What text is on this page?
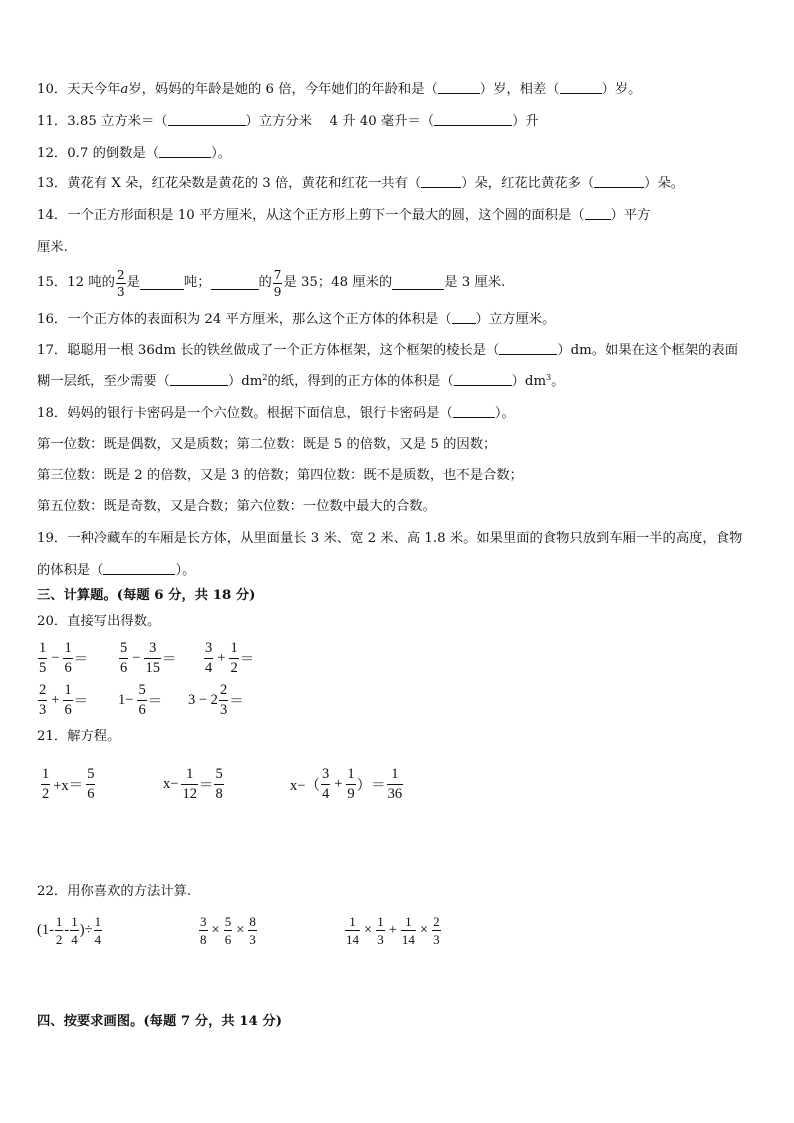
10．天天今年a岁，妈妈的年龄是她的 6 倍，今年她们的年龄和是（	）岁，相差（	）岁。
11．3.85 立方米＝（	）立方分米　 4 升 40 毫升＝（	）升
12．0.7 的倒数是（	）。
13．黄花有 X 朵，红花朵数是黄花的 3 倍，黄花和红花一共有（	）朵，红花比黄花多（	）朵。
14．一个正方形面积是 10 平方厘米，从这个正方形上剪下一个最大的圆，这个圆的面积是（ ）平方
厘米.
15．12 吨的 $\frac{2}{3}$ 是	吨；	的 $\frac{7}{9}$ 是 35；48 厘米的	是 3 厘米.
16．一个正方体的表面积为 24 平方厘米，那么这个正方体的体积是（ ）立方厘米。
17．聪聪用一根 36dm 长的铁丝做成了一个正方体框架，这个框架的棱长是（	）dm。如果在这个框架的表面
糊一层纸，至少需要（	）$dm^2$的纸，得到的正方体的体积是（	）$dm^3$。
18．妈妈的银行卡密码是一个六位数。根据下面信息，银行卡密码是（	）。
第一位数：既是偶数，又是质数；第二位数：既是 5 的倍数，又是 5 的因数；
第三位数：既是 2 的倍数，又是 3 的倍数；第四位数：既不是质数，也不是合数；
第五位数：既是奇数，又是合数；第六位数：一位数中最大的合数。
19．一种冷藏车的车厢是长方体，从里面量长 3 米、宽 2 米、高 1.8 米。如果里面的食物只放到车厢一半的高度，食物
的体积是（	）。
三、计算题。(每题 6 分，共 18 分)
20．直接写出得数。
$\frac{1}{5} - \frac{1}{6} = \frac{5}{6} - \frac{3}{15} = \frac{3}{4} + \frac{1}{2}$ ＝
$\frac{2}{3} + \frac{1}{6} = 1- \frac{5}{6} = 3 - 2 \frac{2}{3}$ ＝
21．解方程。
$\frac{1}{2} +x= \frac{5}{6}$	$x- \frac{1}{12} = \frac{5}{8}$	$x-( \frac{3}{4} + \frac{1}{9}$ ）＝ $\frac{1}{36}$
22．用你喜欢的方法计算.
($1- \frac{1}{2} - \frac{1}{4}$ )÷ $\frac{1}{4}$	$\frac{3}{8} \times \frac{5}{6} \times \frac{8}{3}$	$\frac{1}{14} \times \frac{1}{3} + \frac{1}{14} \times \frac{2}{3}$
四、按要求画图。(每题 7 分，共 14 分)
